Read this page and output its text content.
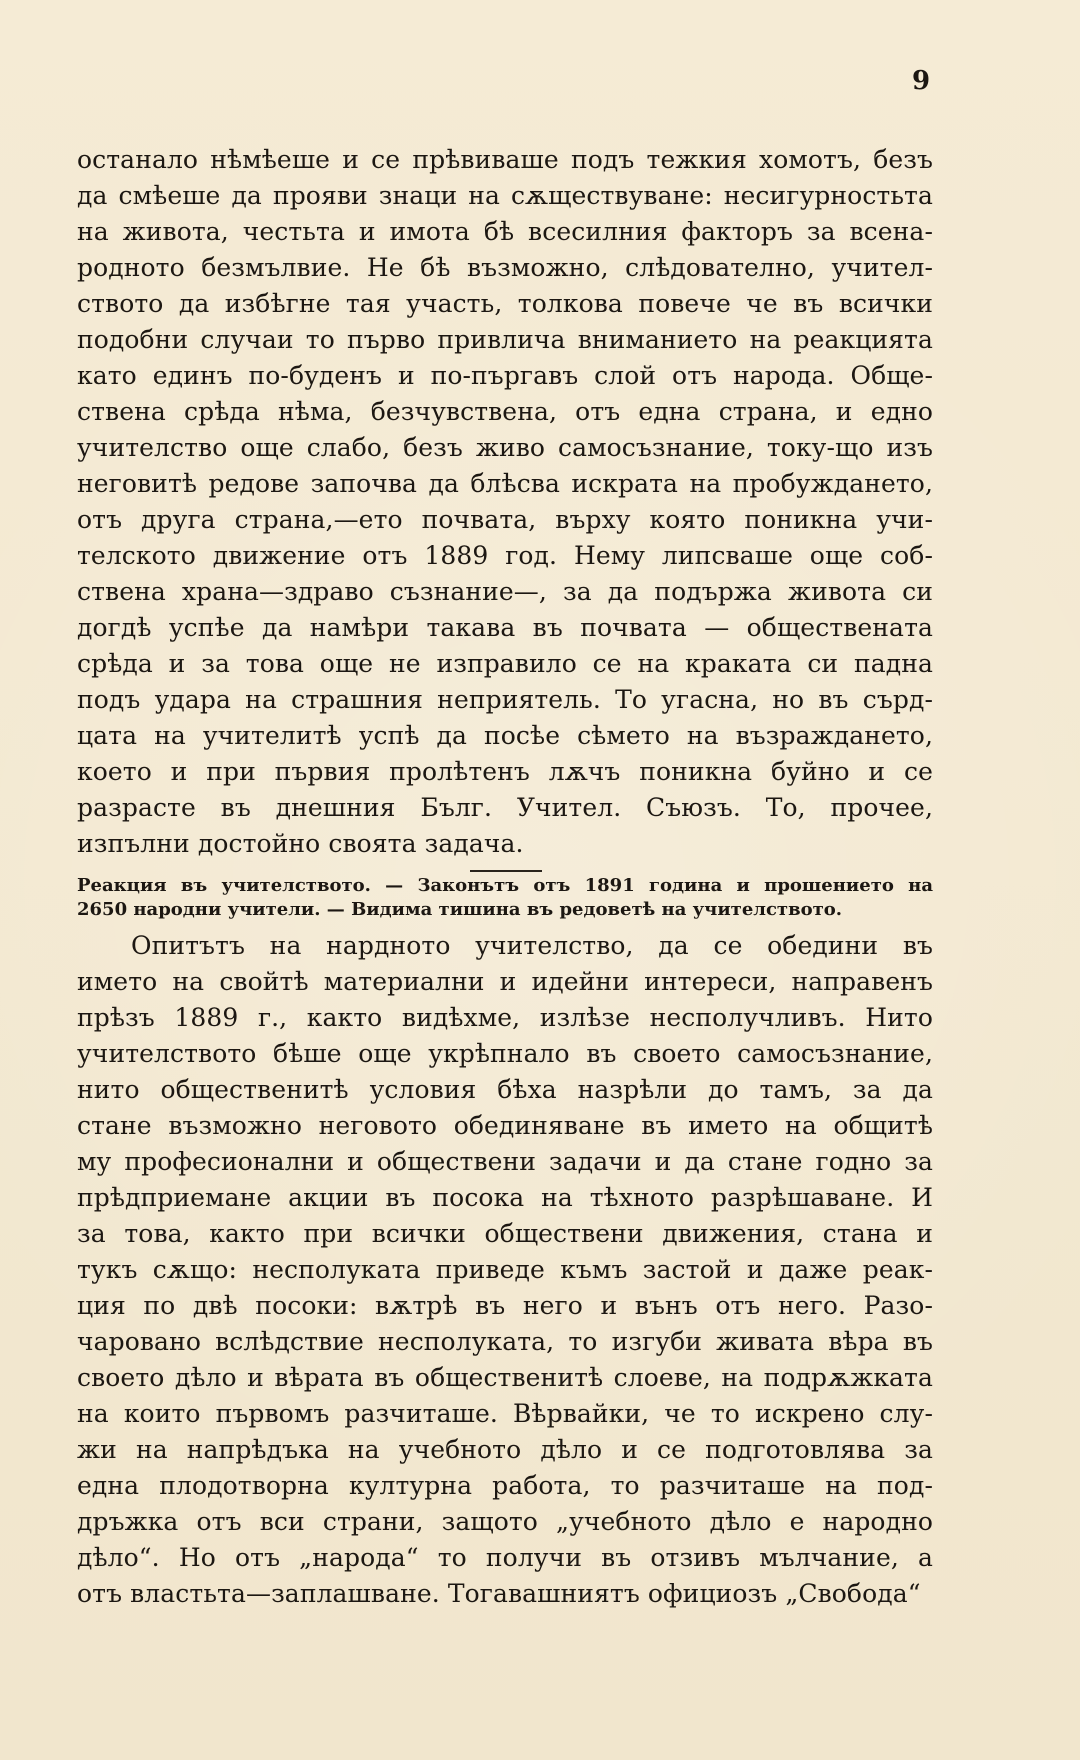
9
останало нѣмѣеше и се прѣвиваше подъ тежкия хомотъ, безъ
да смѣеше да прояви знаци на сѫществуване: несигурностьта
на живота, честьта и имота бѣ всесилния факторъ за всена-
родното безмълвие. Не бѣ възможно, слѣдователно, учител-
ството да избѣгне тая участь, толкова повече че въ всички
подобни случаи то първо привлича вниманието на реакцията
като единъ по-буденъ и по-пъргавъ слой отъ народа. Обще-
ствена срѣда нѣма, безчувствена, отъ една страна, и едно
учителство още слабо, безъ живо самосъзнание, току-що изъ
неговитѣ редове започва да блѣсва искрата на пробуждането,
отъ друга страна,—ето почвата, върху която поникна учи-
телското движение отъ 1889 год. Нему липсваше още соб-
ствена храна—здраво съзнание—, за да подържа живота си
догдѣ успѣе да намѣри такава въ почвата — обществената
срѣда и за това още не изправило се на краката си падна
подъ удара на страшния неприятель. То угасна, но въ сърд-
цата на учителитѣ успѣ да посѣе сѣмето на възраждането,
което и при първия пролѣтенъ лѫчъ поникна буйно и се
разрасте въ днешния Бълг. Учител. Съюзъ. То, прочее,
изпълни достойно своята задача.
Реакция въ учителството. — Законътъ отъ 1891 година и прошението на
2650 народни учители. — Видима тишина въ редоветѣ на учителството.
Опитътъ на нардното учителство, да се обедини въ
името на свойтѣ материални и идейни интереси, направенъ
прѣзъ 1889 г., както видѣхме, излѣзе несполучливъ. Нито
учителството бѣше още укрѣпнало въ своето самосъзнание,
нито общественитѣ условия бѣха назрѣли до тамъ, за да
стане възможно неговото обединяване въ името на общитѣ
му професионални и обществени задачи и да стане годно за
прѣдприемане акции въ посока на тѣхното разрѣшаване. И
за това, както при всички обществени движения, стана и
тукъ сѫщо: несполуката приведе къмъ застой и даже реак-
ция по двѣ посоки: вѫтрѣ въ него и вънъ отъ него. Разо-
чаровано вслѣдствие несполуката, то изгуби живата вѣра въ
своето дѣло и вѣрата въ общественитѣ слоеве, на подрѫжката
на които първомъ разчиташе. Вѣрвайки, че то искрено слу-
жи на напрѣдъка на учебното дѣло и се подготовлява за
една плодотворна културна работа, то разчиташе на под-
дръжка отъ вси страни, защото „учебното дѣло е народно
дѣло“. Но отъ „народа“ то получи въ отзивъ мълчание, а
отъ властьта—заплашване. Тогавашниятъ официозъ „Свобода“
